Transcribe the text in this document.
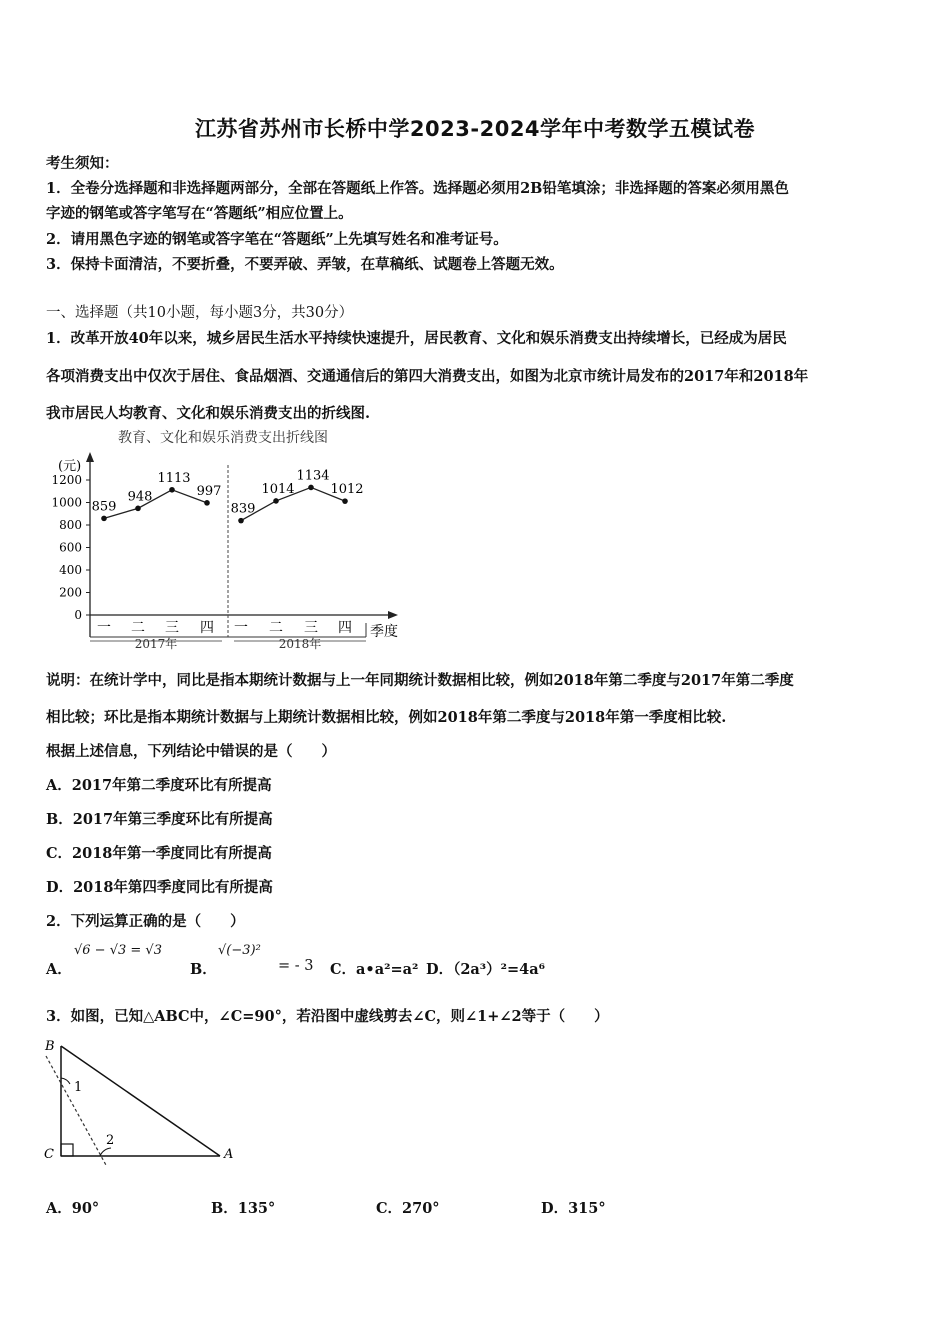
江苏省苏州市长桥中学2023-2024学年中考数学五模试卷
考生须知：
1．全卷分选择题和非选择题两部分，全部在答题纸上作答。选择题必须用2B铅笔填涂；非选择题的答案必须用黑色
字迹的钢笔或答字笔写在“答题纸”相应位置上。
2．请用黑色字迹的钢笔或答字笔在“答题纸”上先填写姓名和准考证号。
3．保持卡面清洁，不要折叠，不要弄破、弄皱，在草稿纸、试题卷上答题无效。
一、选择题（共10小题，每小题3分，共30分）
1．改革开放40年以来，城乡居民生活水平持续快速提升，居民教育、文化和娱乐消费支出持续增长，已经成为居民
各项消费支出中仅次于居住、食品烟酒、交通通信后的第四大消费支出，如图为北京市统计局发布的2017年和2018年
我市居民人均教育、文化和娱乐消费支出的折线图.
教育、文化和娱乐消费支出折线图
(元)
季度
0
200
400
600
800
1000
1200
859
948
1113
997
839
1014
1134
1012
一 二 三 四 一 二 三 四
2017年	2018年
说明：在统计学中，同比是指本期统计数据与上一年同期统计数据相比较，例如2018年第二季度与2017年第二季度
相比较；环比是指本期统计数据与上期统计数据相比较，例如2018年第二季度与2018年第一季度相比较.
根据上述信息，下列结论中错误的是（　　）
A．2017年第二季度环比有所提高
B．2017年第三季度环比有所提高
C．2018年第一季度同比有所提高
D．2018年第四季度同比有所提高
2．下列运算正确的是（　　）
A．
√6 − √3 = √3
B．
√(−3)²
= - 3 C．a•a²=a² D．（2a³）²=4a⁶
3．如图，已知△ABC中，∠C=90°，若沿图中虚线剪去∠C，则∠1+∠2等于（　　）
B
C	A
1
2
A．90°	B．135°	C．270°	D．315°
